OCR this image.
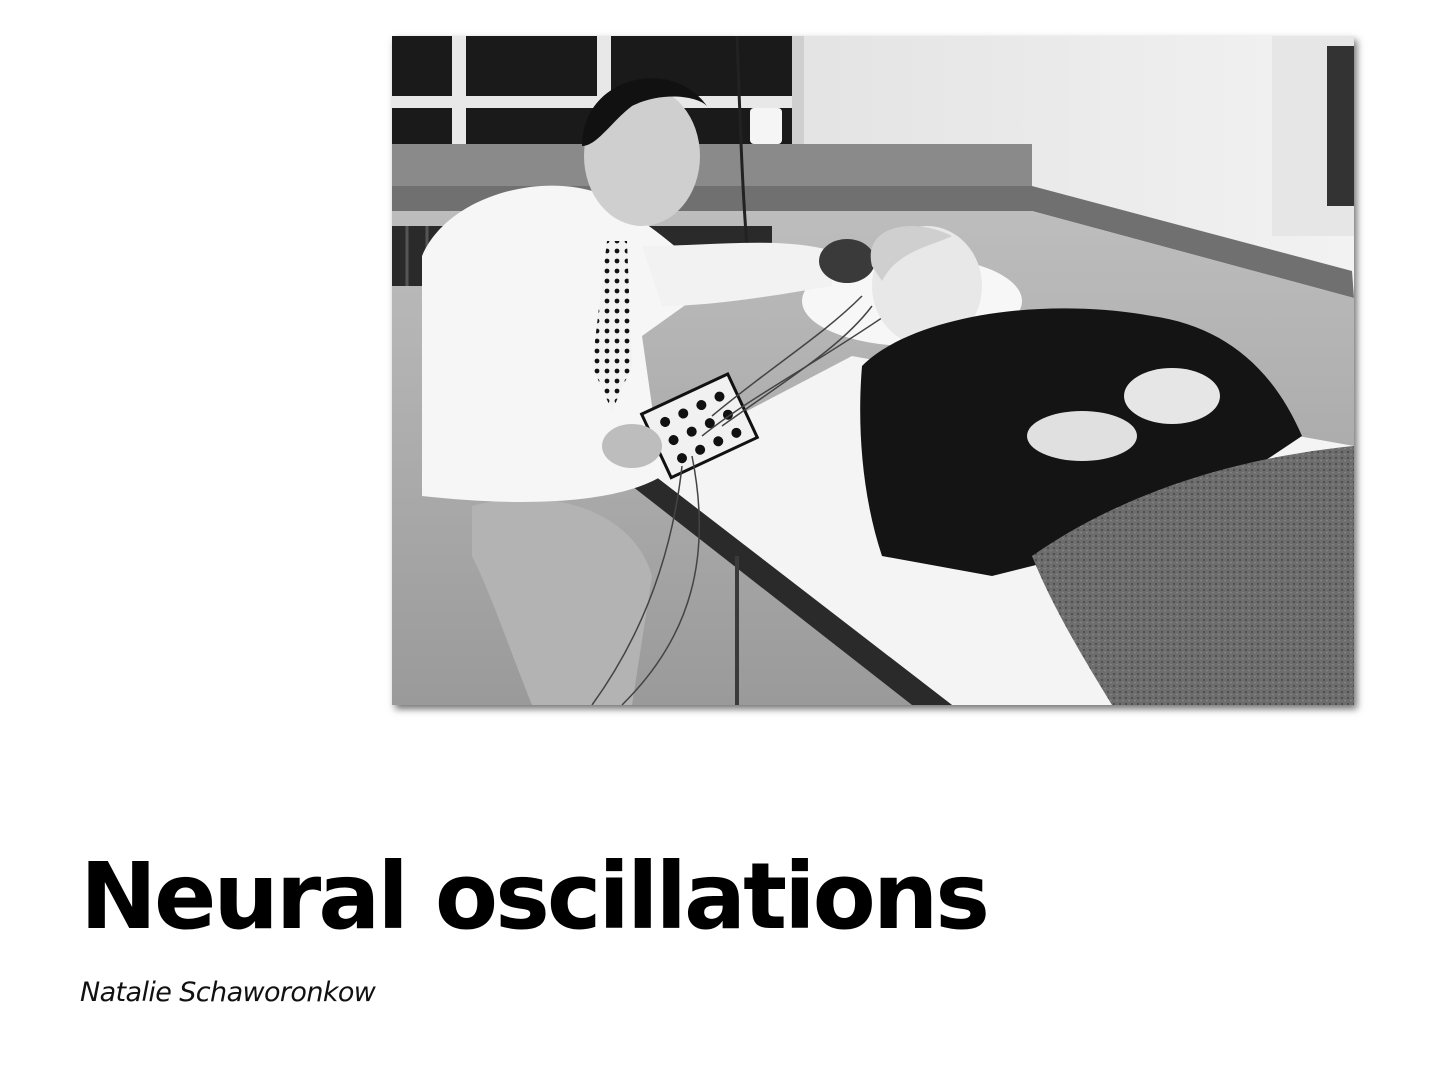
Neural oscillations

Natalie Schaworonkow
